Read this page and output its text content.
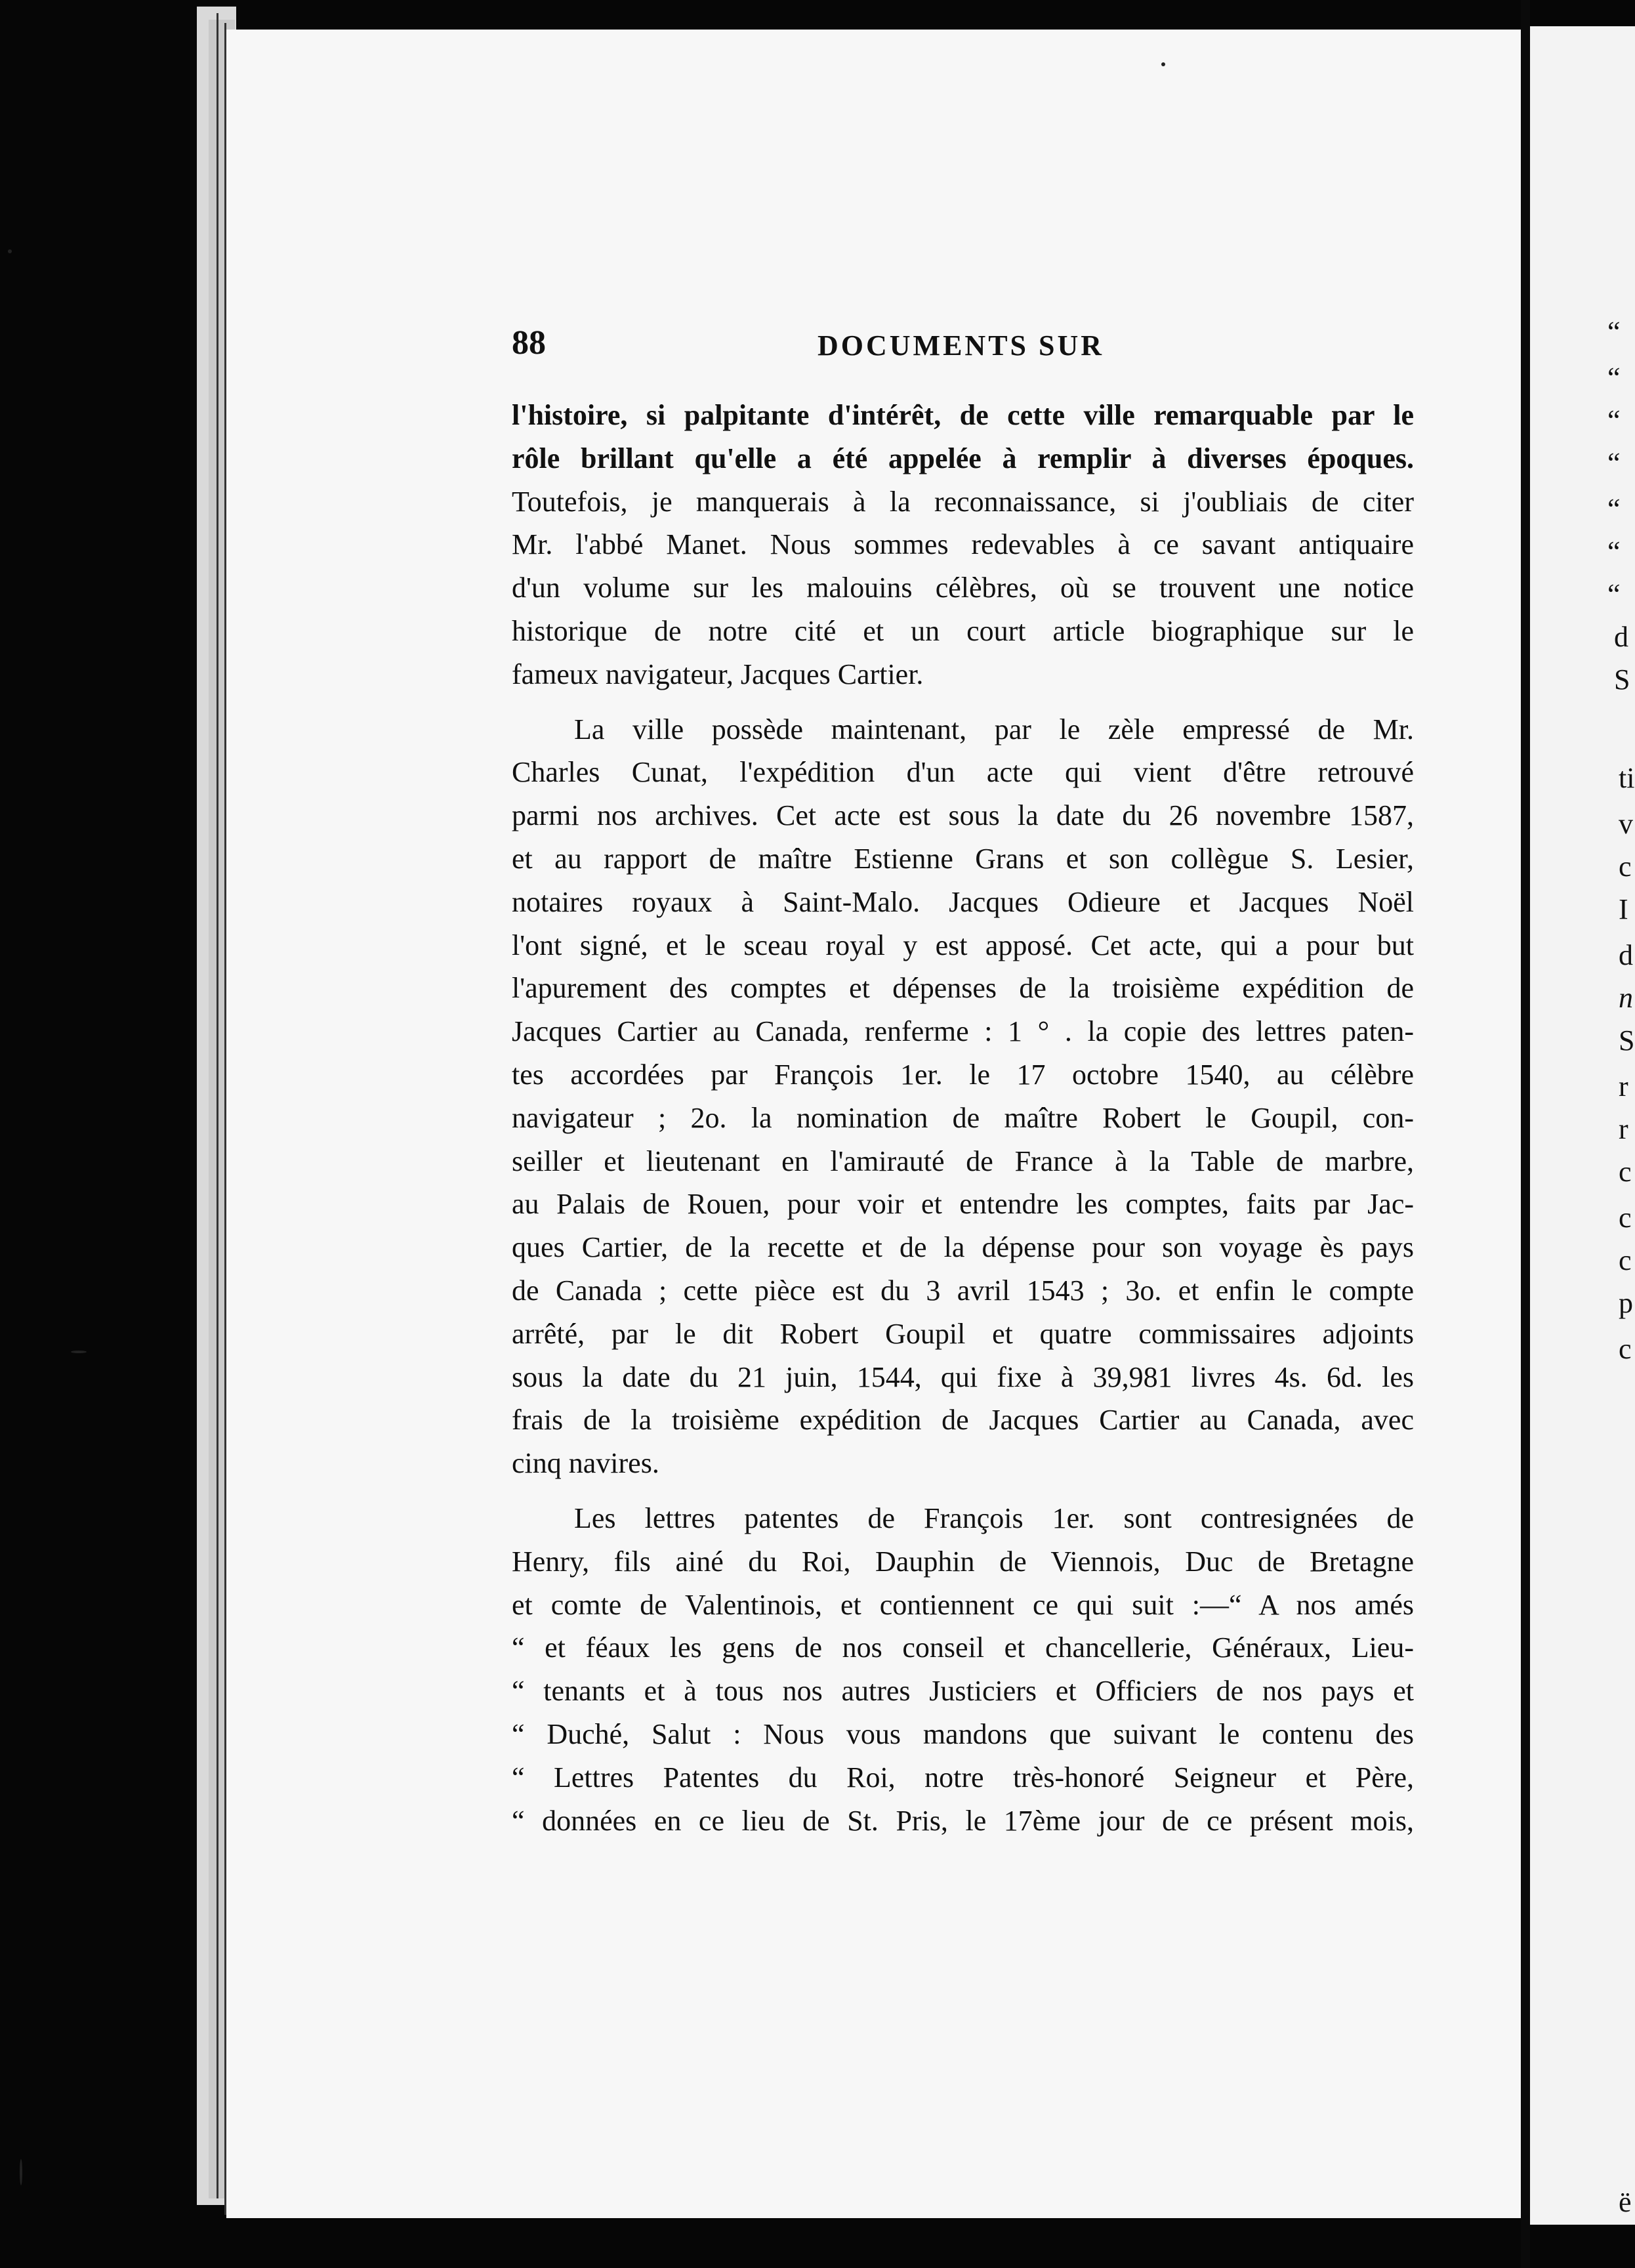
88	DOCUMENTS SUR
l'histoire, si palpitante d'intérêt, de cette ville remarquable par le
rôle brillant qu'elle a été appelée à remplir à diverses époques.
Toutefois, je manquerais à la reconnaissance, si j'oubliais de citer
Mr. l'abbé Manet. Nous sommes redevables à ce savant antiquaire
d'un volume sur les malouins célèbres, où se trouvent une notice
historique de notre cité et un court article biographique sur le
fameux navigateur, Jacques Cartier.
La ville possède maintenant, par le zèle empressé de Mr.
Charles Cunat, l'expédition d'un acte qui vient d'être retrouvé
parmi nos archives. Cet acte est sous la date du 26 novembre 1587,
et au rapport de maître Estienne Grans et son collègue S. Lesier,
notaires royaux à Saint-Malo. Jacques Odieure et Jacques Noël
l'ont signé, et le sceau royal y est apposé. Cet acte, qui a pour but
l'apurement des comptes et dépenses de la troisième expédition de
Jacques Cartier au Canada, renferme : 1 ° . la copie des lettres paten-
tes accordées par François 1er. le 17 octobre 1540, au célèbre
navigateur ; 2o. la nomination de maître Robert le Goupil, con-
seiller et lieutenant en l'amirauté de France à la Table de marbre,
au Palais de Rouen, pour voir et entendre les comptes, faits par Jac-
ques Cartier, de la recette et de la dépense pour son voyage ès pays
de Canada ; cette pièce est du 3 avril 1543 ; 3o. et enfin le compte
arrêté, par le dit Robert Goupil et quatre commissaires adjoints
sous la date du 21 juin, 1544, qui fixe à 39,981 livres 4s. 6d. les
frais de la troisième expédition de Jacques Cartier au Canada, avec
cinq navires.
Les lettres patentes de François 1er. sont contresignées de
Henry, fils ainé du Roi, Dauphin de Viennois, Duc de Bretagne
et comte de Valentinois, et contiennent ce qui suit :—“ A nos amés
“ et féaux les gens de nos conseil et chancellerie, Généraux, Lieu-
“ tenants et à tous nos autres Justiciers et Officiers de nos pays et
“ Duché, Salut : Nous vous mandons que suivant le contenu des
“ Lettres Patentes du Roi, notre très-honoré Seigneur et Père,
“ données en ce lieu de St. Pris, le 17ème jour de ce présent mois,
“
“
“
“
“
“
“
d
S
ti
v
c
I
d
n
S
r
r
c
c
c
p
c
ë
